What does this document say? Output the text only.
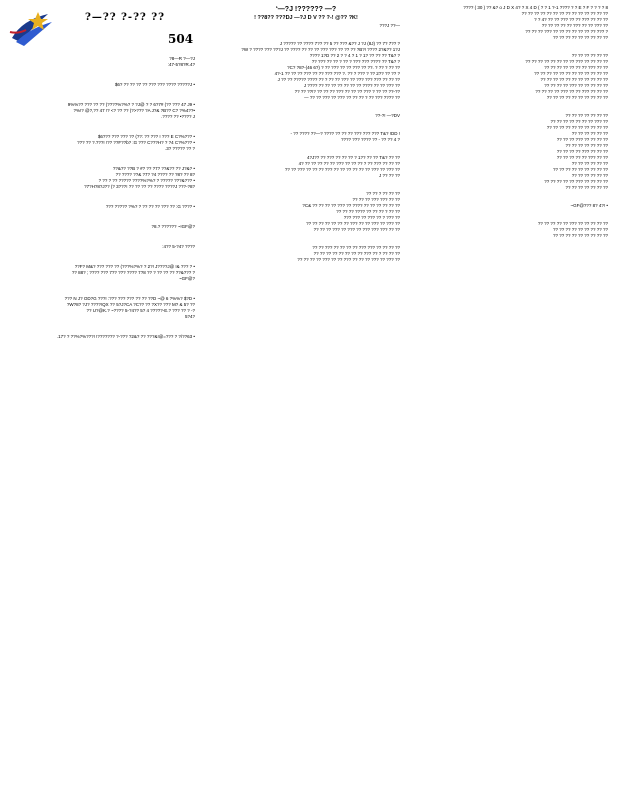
?—?? ?-?? ??
504
?8—R ?—?J
:47-5?8?R.4?
$6? ?? ?? ?7 ?? ??? ??? ???? ?????J •
9%%?? ??? ?? ?? (????%?%? ? ?J@ ? ? 6?7# (?? ??? 47 J9 •
?%!? @?,?? 47 !? <? ?? ?? (?>??? ?A J?& ?B?? C? ?%4??•
.???? ?? •???? J
$6??? ??? ??? ?? (??: ?? ??? ! ??? E C?%??? •
??? ?? ?.???! !?? ??F??b? :G ??? C???H? ? ?4 C?%??? •
.3? ????? ?? ?
??&?? ??B ? #? ?? ?7? ??&?? ?? J?&? •
?? ???? ??& ?7? ?4 ???? ?? ?8? ?? 8?
? ?? ? ?? ????? ????%?%? ? ????? ???&??? •
?7?H?8?J?? (? 3???! ?? ?? ?? ?? ???? ????J ???-?8?
??? ????? ?%? ? ?? ?? ?? ??? ?? :G ???? •
?8.? ?????? ~!GF@?
:4?? 5-?4? ????
??F? M&? ??? ??? ?? (???%?%? ? 2?! J????J@ !& ??? ? •
?? 88? ; ???? ??? 7?? ??? ???? 7?8 ?? ? ?? ?? ?? ??&??? ?
~GF@?
??? N J? OD?G ???! :??? ??? ??? ?? ?? ??D ~@ 6 ?%%? $?D •
?W?8? ?J? ????!QX ?? 5?J?CA ?C?? ?? ?X?? ??? M? & 5? ??
?? U?@K.? ~???? 5-?4?? 5? 4 ?????-E.? ??? ?? ? -?
5?4?
.17? ? ??%?%???! !??????? ?-??? ?2&? ?? ???&!@=??? ? ?/??63 •
‘—?J !?????? —?
! ??8?? ???DJ —?J D V ?? ?-! @?? ?K!
???J ??—
J ????? ?? ???? 7?? ?? 5 ?? ??? &?? J ?J (8J) ?? 7? 7?? ?
?W ? ???? ??? ???J ?? ???? ?? ?? ?? ??? ??? ?? ?? ?? ?B?! ???? 2?&?? 1?J
???? 1?D ?? 2 ? ? 4 ? 1 ? 1? ?? ?? ?? T&? ?
?? ??? ?? ?? ? ?? ? ??? ??? ???? ?? T&? ?
?C? ?8?-(46 6?) ? ?? ??? ?? ?? ??? ?? ??. ? ?? ? ?? ??
4?-1 ?? ?? ?? ??? ?? ?? ??? ??? ?. ?? ? ??? ? ?? 2?? ?? ?? ?
J ?? ?? ????? ???? ?? ? ?? ?? ??? ?? ??? ??? ??? ?? ?? ??
J ???? ?? ?? ?? ?? ?? ?? ?? ???? ?? ?? ??? ??
?? ?? ??!? ?? ?? ?? ??? ?? ?? ?? ??? ? ?? ?? ??-??
— ?? ?? ??? ?? ??? ?? ?? ?? ? ?? ??? ???? ??
??-?! —?DV
- ?? ???? ??—? ???? ?? ?? ?? ??? ??? ??? T&? !DD !
???? ??? ???? ?? - ?? ?? 4 ?
4?J?? ?? ??? ?? ?? ?? ? 1?? ?? ?? T&? ?? ??
4? ?? ?? ?? ?? ?? ??? ?? ?? ?? ? ?? ??? ?? ?? ??
?? ?? ??? ?? ?? ?? ??? ?? ?? ?? ?? ?? ?? ??? ?? ??? ??
J ?? ?? ??
?? ?? ? ?? ?? ??
?? ?? ?? ??? ??? ?? ??
?C& ?? ?? ?? ?? ??? ?? ???? ?? ?? ?? ?? ?? ??
?? ?? ?? ???? ?? ?? ?? ? ?? ??
??? ??? ?? ??? ?? ? ??? ??
?? ?? ?? ?? ?? ?? ?? ??? ?? ?? ??? ?? ??? ??
?? ?? ?? ??? ?? ??? ?? ??? ??? ??? ?? ??
?? ?? ??? ?? ?? ?? ?? ??? ??? ?? ?? ?? ??
?? ?? ?? ?? ?? ?? ?? ?? ??? ?? ? ?? ?? ??
?? ?? ?? ?? ??? ?? ?? ??? ?? ?? ?? ??? ?? ??? ??
???? ( 30 ) ?? &? o J D X 4? ? X 4 D ( ? ? 1 ?-1 ???? ? ? E ? F ? ? ? ? 8
?? ?? ?? ?? ?? ?? ?? ?? ?? ?? ?? ?? ?? ??
? ? 4? ?? ?? ??? ?? ?? ??? ?? ?? ??
?? ?? ?? ?? ?? ??? ?? ?? ??? ??
?? ?? ?? ??? ?? ?? ?? ?? ?? ?? ?? ??? ?
?? ?? ?? ?? ?? ?? ?? ?? ??
?? ?? ?? ?? ?? ??
?? ?? ?? ?? ?? ?? ?? ?? ??? ?? ?? ?? ??
?? ?? ?? ?? ?? ?? ?? ??? ?? ??
?? ?? ?? ?? ?? ?? ?? ?? ?? ?? ?? ??
?? ?? ?? ?? ?? ?? ?? ?? ?? ?? ??
?? ?? ?? ?? ??? ?? ?? ?? ?? ??
?? ?? ?? ?? ??? ?? ?? ??? ?? ?? ??
?? ?? ?? ?? ?? ?? ?? ?? ?? ??
?? ?? ?? ?? ?? ?? ??
?? ?? ?? ?? ?? ?? ?? ??? ??
?? ?? ?? ?? ?? ?? ?? ?? ?? ??
?? ?? ?? ?? ?? ??
?? ?? ?? ??? ?? ?? ?? ??
?? ?? ?? ?? ?? ?? ??
?? ?? ?? ?? ??? ?? ?? ??
?? ?? ?? ?? ?? ??? ?? ??
?? ?? ?? ?? ?? ??
?? ?? ?? ?? ?? ?? ?? ?? ??
?? ?? ?? ?? ?? ??
?? ?? ?? ?? ?? ??? ?? ?? ?? ??
?? ?? ?? ?? ?? ?? ??
~GF@??? 8? 4?! •
?? ?? ?? ?? ?? ??? ?? ?? ?? ?? ??
?? ?? ?? ?? ?? ?? ?? ?? ??
?? ?? ?? ?? ?? ?? ?? ?? ??
